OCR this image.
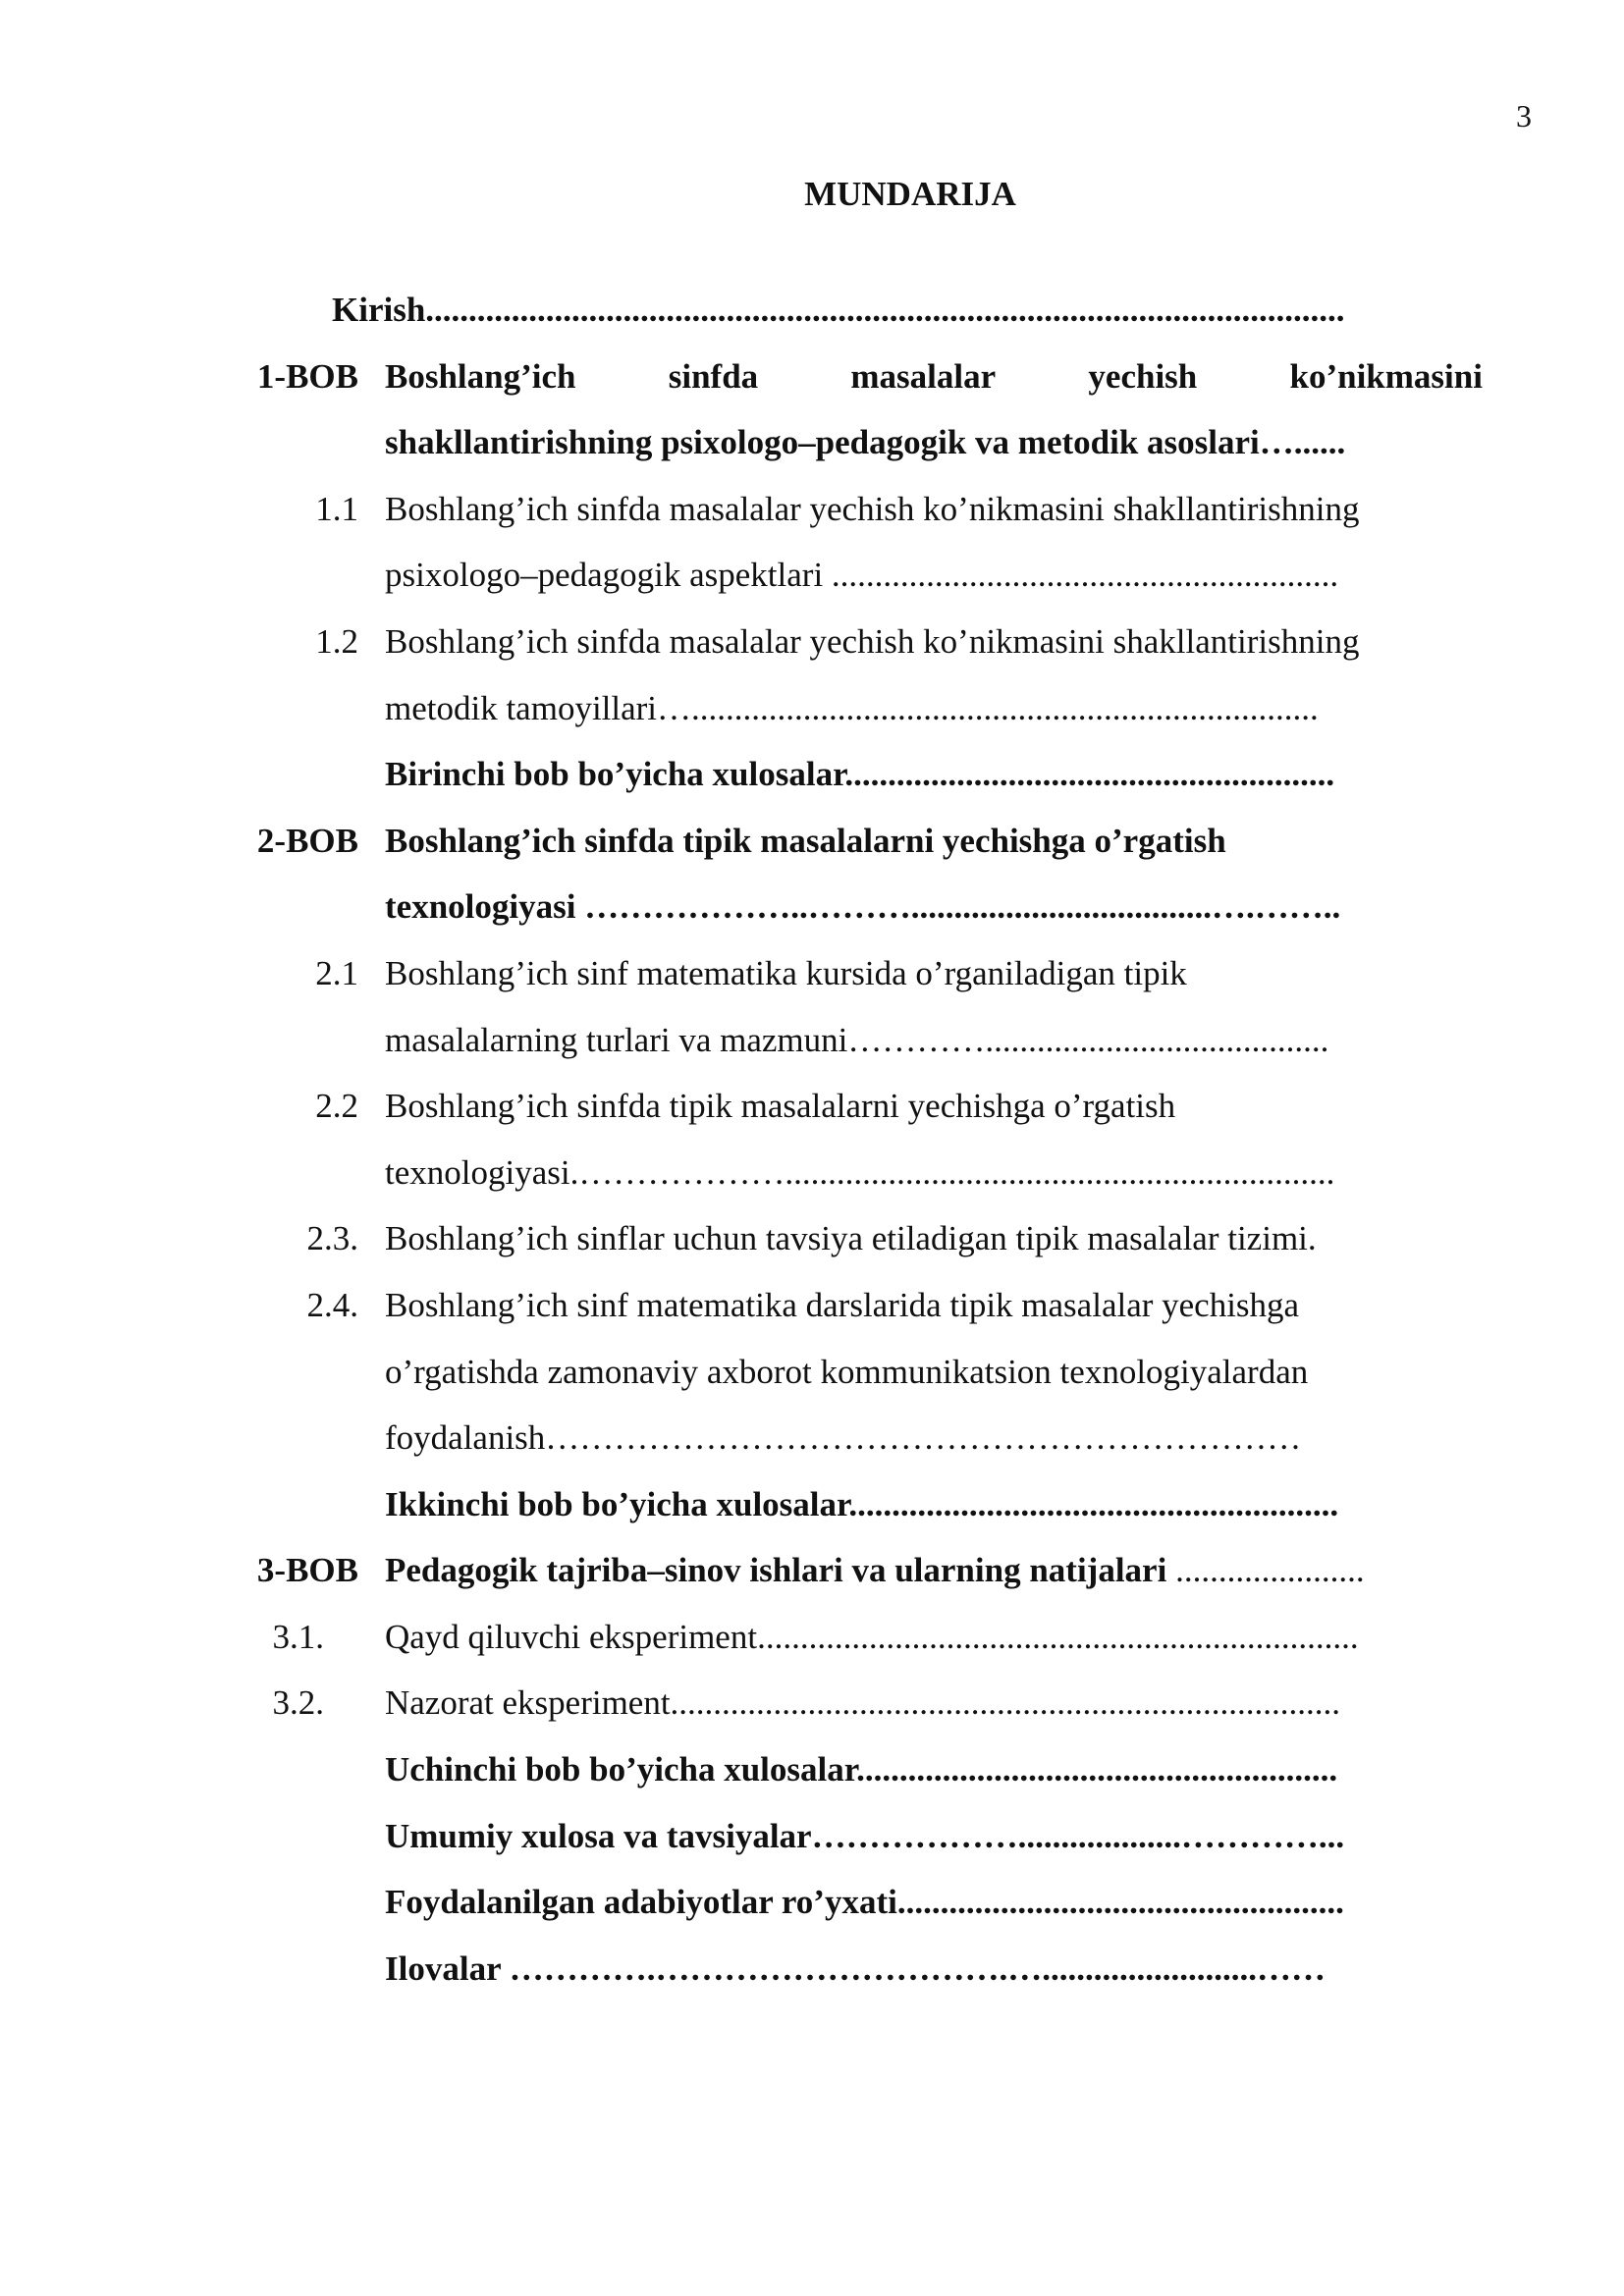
3
MUNDARIJA
Kirish...........................................................................................................
1-BOB Boshlang’ich	sinfda	masalalar	yechish	ko’nikmasini
shakllantirishning psixologo–pedagogik va metodik asoslari…......
1.1 Boshlang’ich sinfda masalalar yechish ko’nikmasini shakllantirishning
psixologo–pedagogik aspektlari ...........................................................
1.2 Boshlang’ich sinfda masalalar yechish ko’nikmasini shakllantirishning
metodik tamoyillari….........................................................................
Birinchi bob bo’yicha xulosalar.........................................................
2-BOB Boshlang’ich sinfda tipik masalalarni yechishga o’rgatish
texnologiyasi ………………..………...................................….……..
2.1 Boshlang’ich sinf matematika kursida o’rganiladigan tipik
masalalarning turlari va mazmuni…………........................................
2.2 Boshlang’ich sinfda tipik masalalarni yechishga o’rgatish
texnologiyasi.………………................................................................
2.3. Boshlang’ich sinflar uchun tavsiya etiladigan tipik masalalar tizimi.
2.4. Boshlang’ich sinf matematika darslarida tipik masalalar yechishga
o’rgatishda zamonaviy axborot kommunikatsion texnologiyalardan
foydalanish…………………………………………………………
Ikkinchi bob bo’yicha xulosalar.........................................................
3-BOB Pedagogik tajriba–sinov ishlari va ularning natijalari ......................
3.1. Qayd qiluvchi eksperiment......................................................................
3.2. Nazorat eksperiment..............................................................................
Uchinchi bob bo’yicha xulosalar........................................................
Umumiy xulosa va tavsiyalar………………...................…………...
Foydalanilgan adabiyotlar ro’yxati....................................................
Ilovalar ………….………………………….….........................……
